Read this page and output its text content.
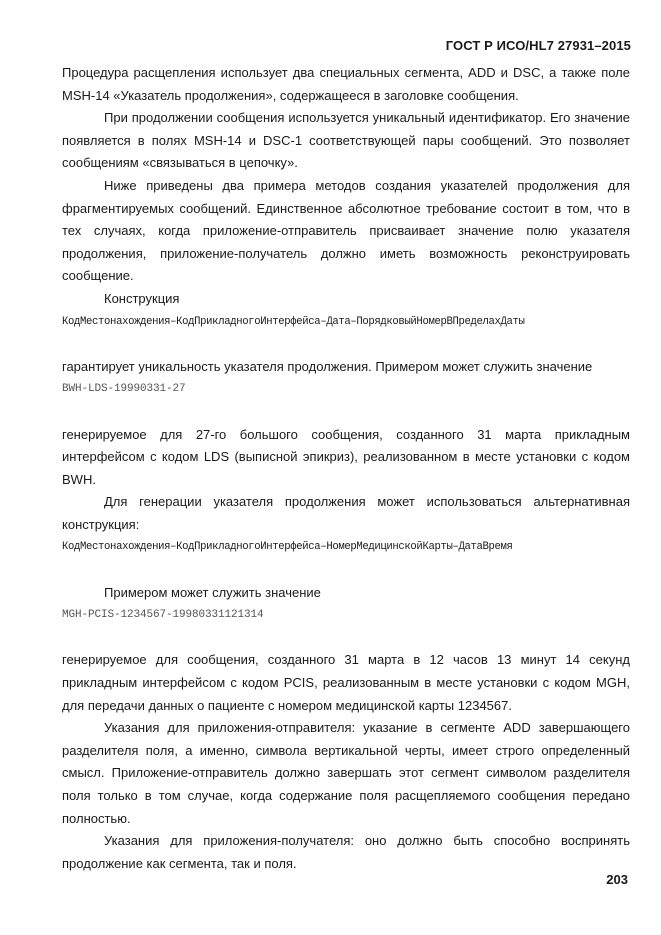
ГОСТ Р ИСО/HL7 27931–2015

Процедура расщепления использует два специальных сегмента, ADD и DSC, а также поле MSH-14 «Указатель продолжения», содержащееся в заголовке сообщения.

При продолжении сообщения используется уникальный идентификатор. Его значение появляется в полях MSH-14 и DSC-1 соответствующей пары сообщений. Это позволяет сообщениям «связываться в цепочку».

Ниже приведены два примера методов создания указателей продолжения для фрагментируемых сообщений. Единственное абсолютное требование состоит в том, что в тех случаях, когда приложение-отправитель присваивает значение полю указателя продолжения, приложение-получатель должно иметь возможность реконструировать сообщение.

Конструкция

КодМестонахождения–КодПрикладногоИнтерфейса–Дата–ПорядковыйНомерВПределахДаты

гарантирует уникальность указателя продолжения. Примером может служить значение

BWH-LDS-19990331-27

генерируемое для 27-го большого сообщения, созданного 31 марта прикладным интерфейсом с кодом LDS (выписной эпикриз), реализованном в месте установки с кодом BWH.

Для генерации указателя продолжения может использоваться альтернативная конструкция:

КодМестонахождения–КодПрикладногоИнтерфейса–НомерМедицинскойКарты–ДатаВремя

Примером может служить значение

MGH-PCIS-1234567-19980331121314

генерируемое для сообщения, созданного 31 марта в 12 часов 13 минут 14 секунд прикладным интерфейсом с кодом PCIS, реализованным в месте установки с кодом MGH, для передачи данных о пациенте с номером медицинской карты 1234567.

Указания для приложения-отправителя: указание в сегменте ADD завершающего разделителя поля, а именно, символа вертикальной черты, имеет строго определенный смысл. Приложение-отправитель должно завершать этот сегмент символом разделителя поля только в том случае, когда содержание поля расщепляемого сообщения передано полностью.

Указания для приложения-получателя: оно должно быть способно воспринять продолжение как сегмента, так и поля.

203
